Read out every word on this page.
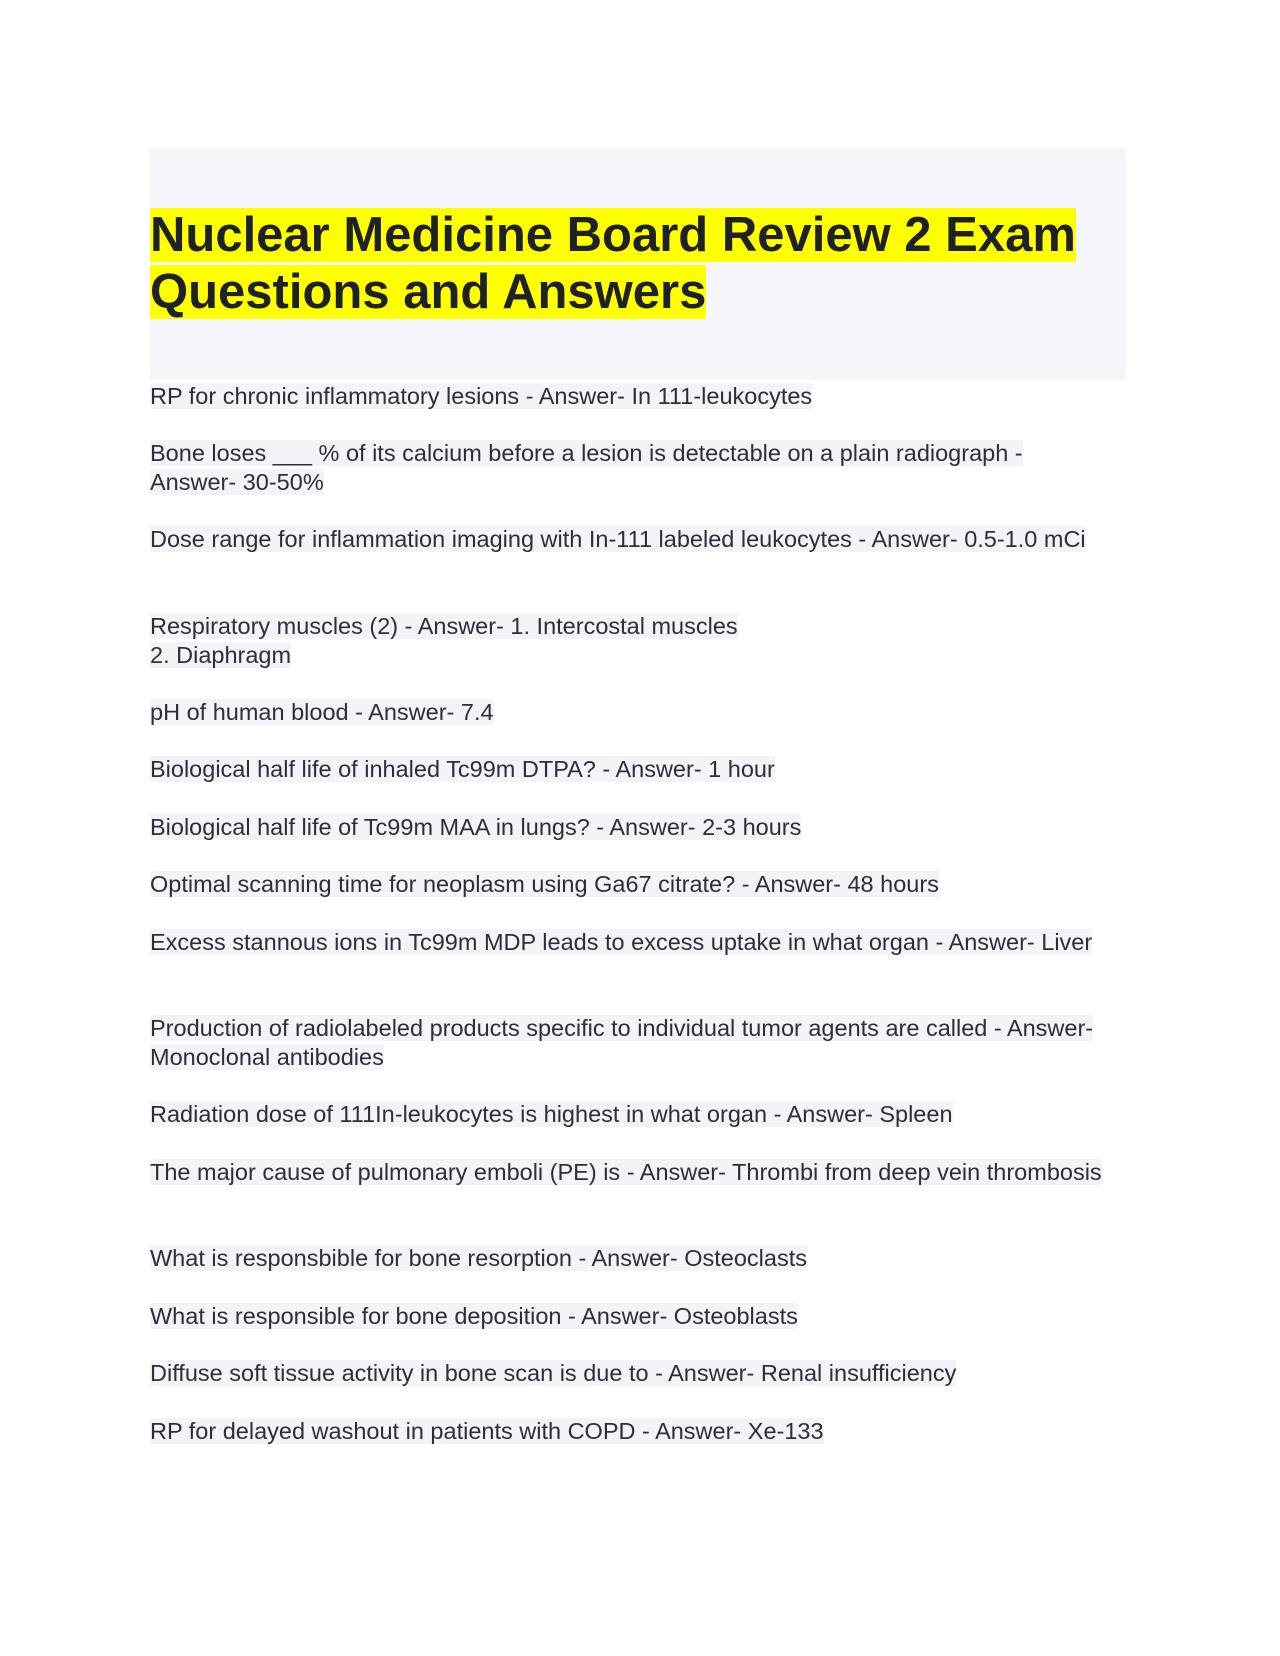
Nuclear Medicine Board Review 2 Exam Questions and Answers
RP for chronic inflammatory lesions - Answer- In 111-leukocytes
Bone loses ___ % of its calcium before a lesion is detectable on a plain radiograph - Answer- 30-50%
Dose range for inflammation imaging with In-111 labeled leukocytes - Answer- 0.5-1.0 mCi
Respiratory muscles (2) - Answer- 1. Intercostal muscles
2. Diaphragm
pH of human blood - Answer- 7.4
Biological half life of inhaled Tc99m DTPA? - Answer- 1 hour
Biological half life of Tc99m MAA in lungs? - Answer- 2-3 hours
Optimal scanning time for neoplasm using Ga67 citrate? - Answer- 48 hours
Excess stannous ions in Tc99m MDP leads to excess uptake in what organ - Answer- Liver
Production of radiolabeled products specific to individual tumor agents are called - Answer- Monoclonal antibodies
Radiation dose of 111In-leukocytes is highest in what organ - Answer- Spleen
The major cause of pulmonary emboli (PE) is - Answer- Thrombi from deep vein thrombosis
What is responsbible for bone resorption - Answer- Osteoclasts
What is responsible for bone deposition - Answer- Osteoblasts
Diffuse soft tissue activity in bone scan is due to - Answer- Renal insufficiency
RP for delayed washout in patients with COPD - Answer- Xe-133
